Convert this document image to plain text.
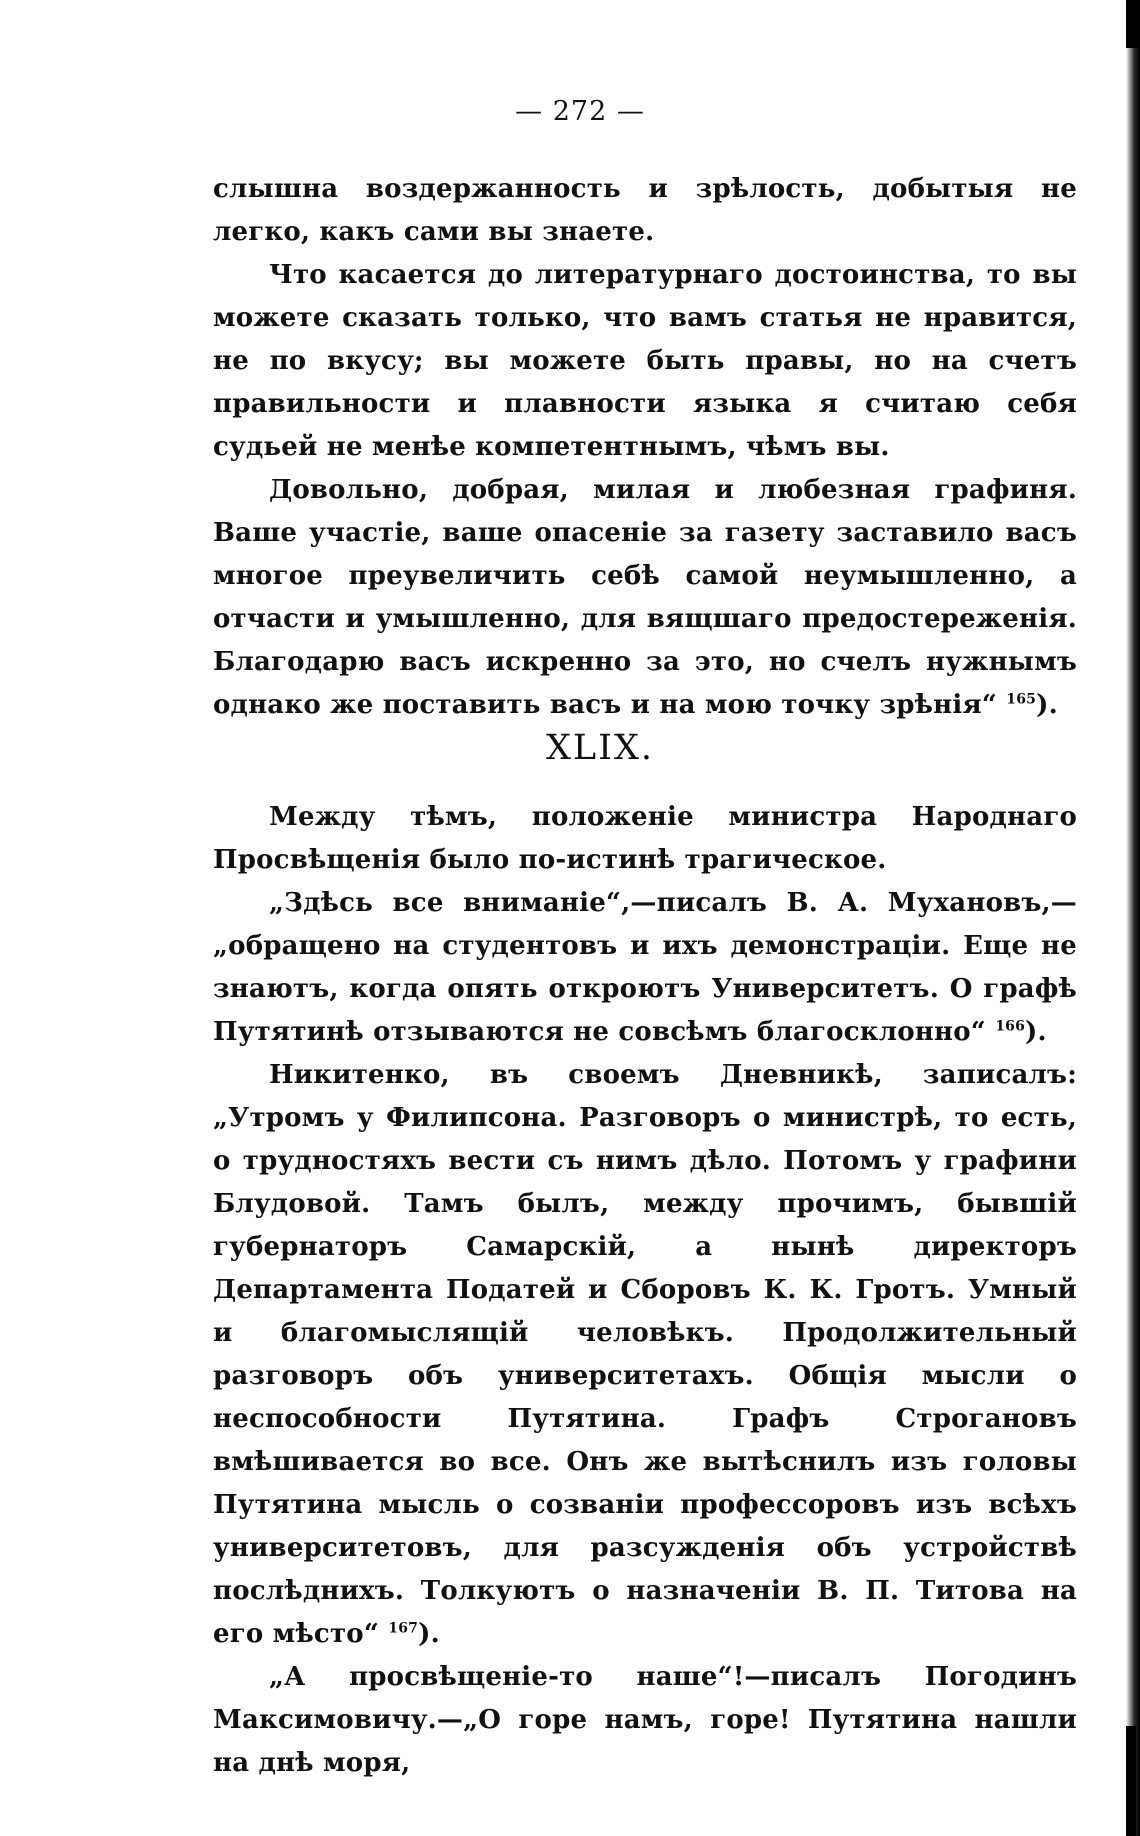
— 272 —

слышна воздержанность и зрѣлость, добытыя не легко, какъ сами вы знаете.

Что касается до литературнаго достоинства, то вы можете сказать только, что вамъ статья не нравится, не по вкусу; вы можете быть правы, но на счетъ правильности и плавности языка я считаю себя судьей не менѣе компетентнымъ, чѣмъ вы.

Довольно, добрая, милая и любезная графиня. Ваше участіе, ваше опасеніе за газету заставило васъ многое преувеличить себѣ самой неумышленно, а отчасти и умышленно, для вящшаго предостереженія. Благодарю васъ искренно за это, но счелъ нужнымъ однако же поставить васъ и на мою точку зрѣнія“ $^{165}$).

XLIX.

Между тѣмъ, положеніе министра Народнаго Просвѣщенія было по-истинѣ трагическое.

„Здѣсь все вниманіе“,—писалъ В. А. Мухановъ,—„обращено на студентовъ и ихъ демонстраціи. Еще не знаютъ, когда опять откроютъ Университетъ. О графѣ Путятинѣ отзываются не совсѣмъ благосклонно“ $^{166}$).

Никитенко, въ своемъ Дневникѣ, записалъ: „Утромъ у Филипсона. Разговоръ о министрѣ, то есть, о трудностяхъ вести съ нимъ дѣло. Потомъ у графини Блудовой. Тамъ былъ, между прочимъ, бывшій губернаторъ Самарскій, а нынѣ директоръ Департамента Податей и Сборовъ К. К. Гротъ. Умный и благомыслящій человѣкъ. Продолжительный разговоръ объ университетахъ. Общія мысли о неспособности Путятина. Графъ Строгановъ вмѣшивается во все. Онъ же вытѣснилъ изъ головы Путятина мысль о созваніи профессоровъ изъ всѣхъ университетовъ, для разсужденія объ устройствѣ послѣднихъ. Толкуютъ о назначеніи В. П. Титова на его мѣсто“ $^{167}$).

„А просвѣщеніе-то наше“!—писалъ Погодинъ Максимовичу.—„О горе намъ, горе! Путятина нашли на днѣ моря,
